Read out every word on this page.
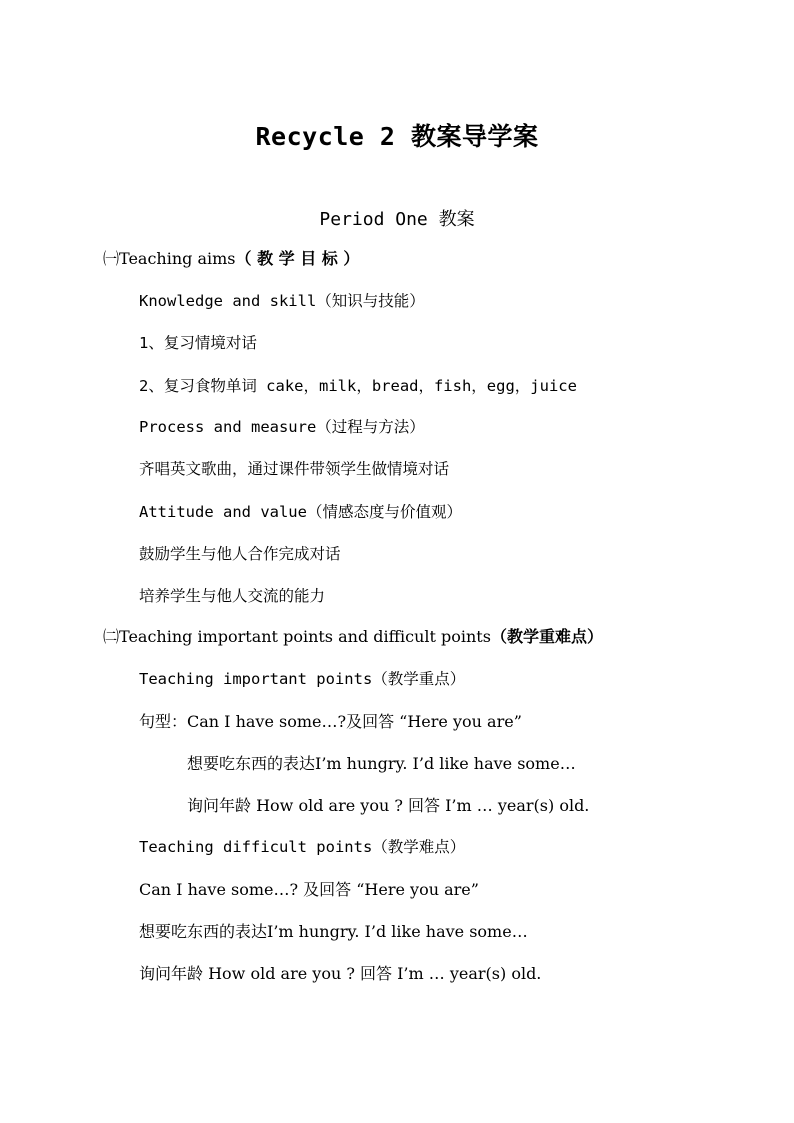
Recycle 2 教案导学案
Period One 教案
㈠Teaching aims（ 教 学 目 标 ）
Knowledge and skill（知识与技能）
1、复习情境对话
2、复习食物单词 cake，milk，bread，fish，egg，juice
Process and measure（过程与方法）
齐唱英文歌曲，通过课件带领学生做情境对话
Attitude and value（情感态度与价值观）
鼓励学生与他人合作完成对话
培养学生与他人交流的能力
㈡Teaching important points and difficult points（教学重难点）
Teaching important points（教学重点）
句型：Can I have some…?及回答 “Here you are”
想要吃东西的表达I’m hungry. I’d like have some…
询问年龄 How old are you ? 回答 I’m … year(s) old.
Teaching difficult points（教学难点）
Can I have some…? 及回答 “Here you are”
想要吃东西的表达I’m hungry. I’d like have some…
询问年龄 How old are you ? 回答 I’m … year(s) old.
